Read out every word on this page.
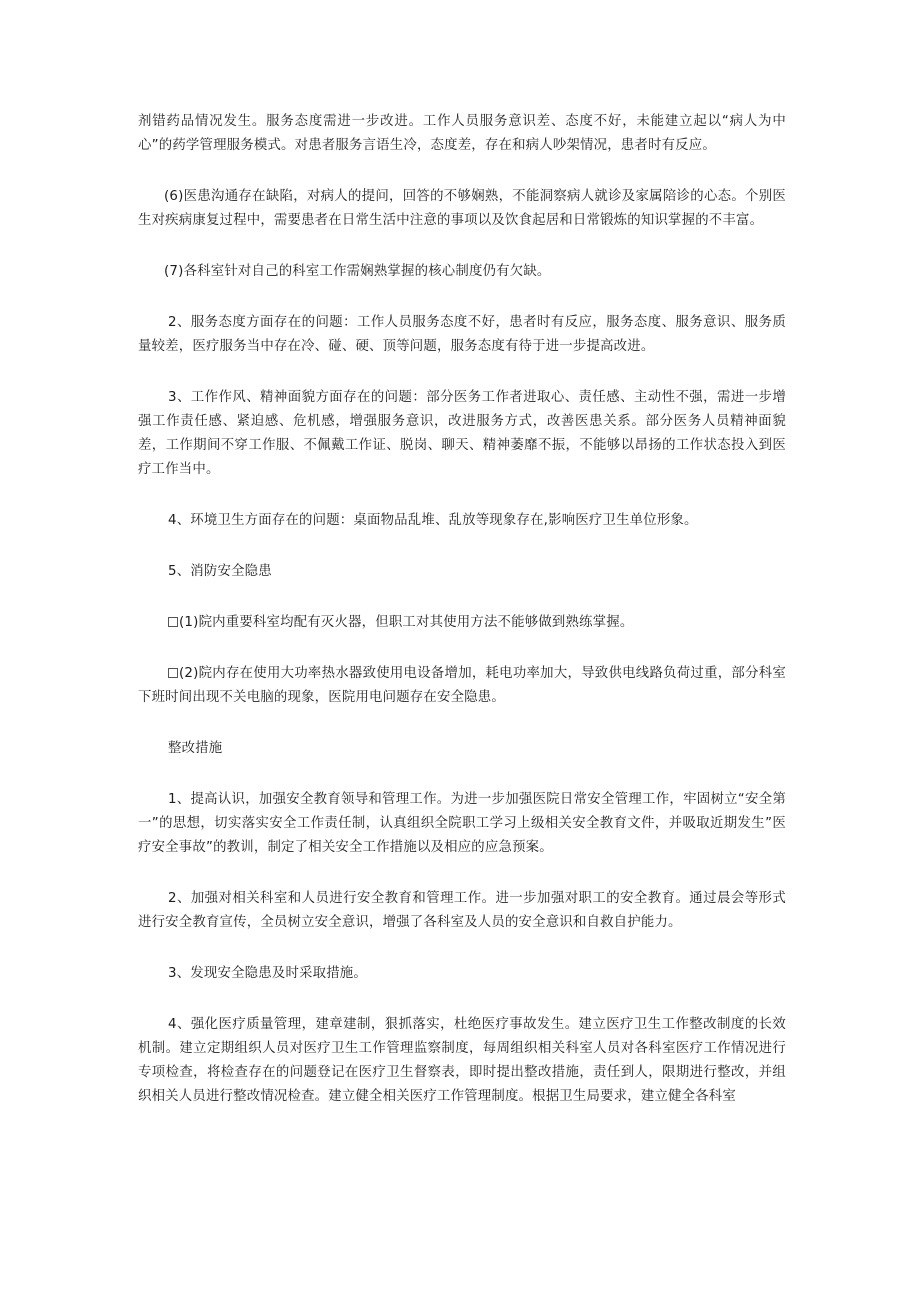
剂错药品情况发生。服务态度需进一步改进。工作人员服务意识差、态度不好，未能建立起以“病人为中心”的药学管理服务模式。对患者服务言语生冷，态度差，存在和病人吵架情况，患者时有反应。

(6)医患沟通存在缺陷，对病人的提问，回答的不够娴熟，不能洞察病人就诊及家属陪诊的心态。个别医生对疾病康复过程中，需要患者在日常生活中注意的事项以及饮食起居和日常锻炼的知识掌握的不丰富。

(7)各科室针对自己的科室工作需娴熟掌握的核心制度仍有欠缺。

2、服务态度方面存在的问题：工作人员服务态度不好，患者时有反应，服务态度、服务意识、服务质量较差，医疗服务当中存在冷、碰、硬、顶等问题，服务态度有待于进一步提高改进。

3、工作作风、精神面貌方面存在的问题：部分医务工作者进取心、责任感、主动性不强，需进一步增强工作责任感、紧迫感、危机感，增强服务意识，改进服务方式，改善医患关系。部分医务人员精神面貌差，工作期间不穿工作服、不佩戴工作证、脱岗、聊天、精神萎靡不振，不能够以昂扬的工作状态投入到医疗工作当中。

4、环境卫生方面存在的问题：桌面物品乱堆、乱放等现象存在,影响医疗卫生单位形象。

5、消防安全隐患

(1)院内重要科室均配有灭火器，但职工对其使用方法不能够做到熟练掌握。

(2)院内存在使用大功率热水器致使用电设备增加，耗电功率加大，导致供电线路负荷过重，部分科室下班时间出现不关电脑的现象，医院用电问题存在安全隐患。

整改措施

1、提高认识，加强安全教育领导和管理工作。为进一步加强医院日常安全管理工作，牢固树立“安全第一”的思想，切实落实安全工作责任制，认真组织全院职工学习上级相关安全教育文件，并吸取近期发生”医疗安全事故”的教训，制定了相关安全工作措施以及相应的应急预案。

2、加强对相关科室和人员进行安全教育和管理工作。进一步加强对职工的安全教育。通过晨会等形式进行安全教育宣传，全员树立安全意识，增强了各科室及人员的安全意识和自救自护能力。

3、发现安全隐患及时采取措施。

4、强化医疗质量管理，建章建制，狠抓落实，杜绝医疗事故发生。建立医疗卫生工作整改制度的长效机制。建立定期组织人员对医疗卫生工作管理监察制度，每周组织相关科室人员对各科室医疗工作情况进行专项检查，将检查存在的问题登记在医疗卫生督察表，即时提出整改措施，责任到人，限期进行整改，并组织相关人员进行整改情况检查。建立健全相关医疗工作管理制度。根据卫生局要求，建立健全各科室
